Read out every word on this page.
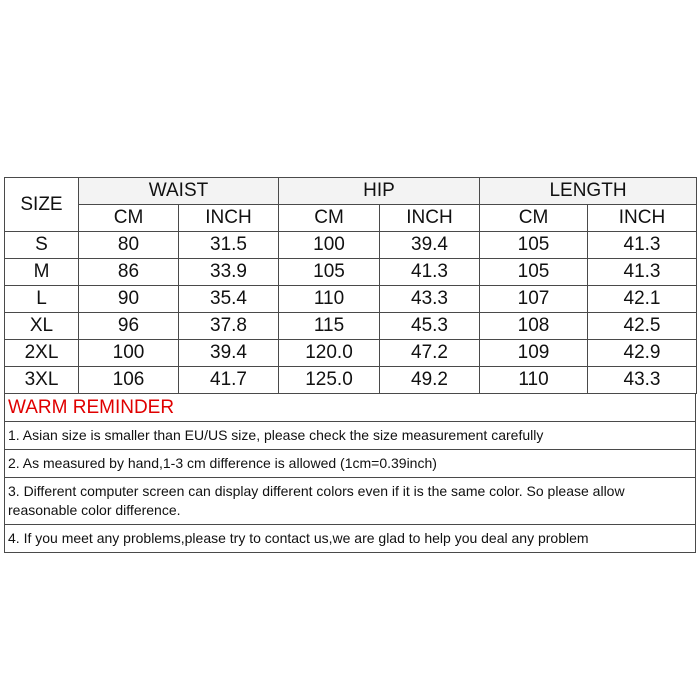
SIZE	WAIST		HIP		LENGTH	
	CM	INCH	CM	INCH	CM	INCH
S	80	31.5	100	39.4	105	41.3
M	86	33.9	105	41.3	105	41.3
L	90	35.4	110	43.3	107	42.1
XL	96	37.8	115	45.3	108	42.5
2XL	100	39.4	120.0	47.2	109	42.9
3XL	106	41.7	125.0	49.2	110	43.3
WARM REMINDER
1. Asian size is smaller than EU/US size, please check the size measurement carefully
2. As measured by hand,1-3 cm difference is allowed (1cm=0.39inch)
3. Different computer screen can display different colors even if it is the same color. So please allow reasonable color difference.
4. If you meet any problems,please try to contact us,we are glad to help you deal any problem
